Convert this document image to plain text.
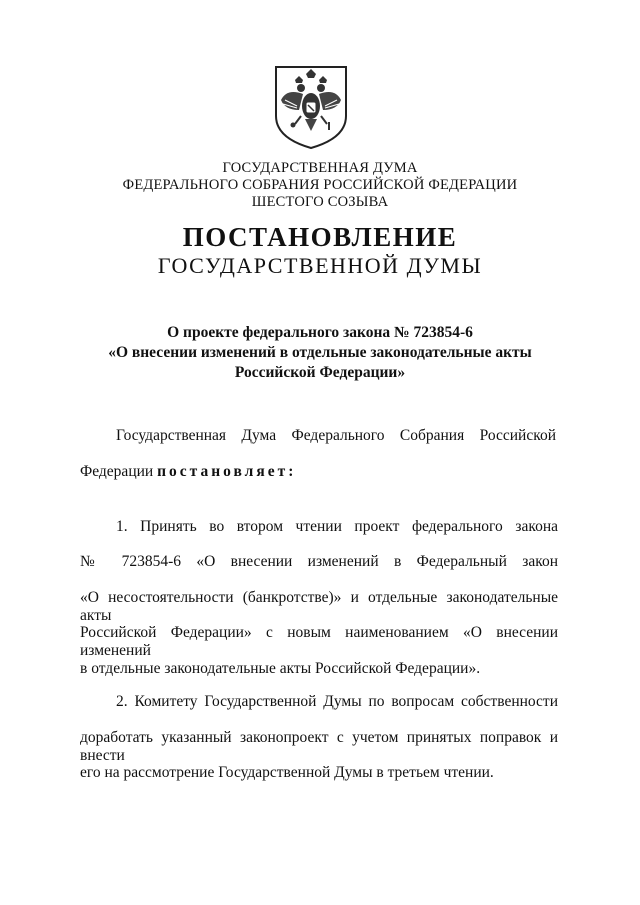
ГОСУДАРСТВЕННАЯ ДУМА
ФЕДЕРАЛЬНОГО СОБРАНИЯ РОССИЙСКОЙ ФЕДЕРАЦИИ
ШЕСТОГО СОЗЫВА
ПОСТАНОВЛЕНИЕ
ГОСУДАРСТВЕННОЙ ДУМЫ
О проекте федерального закона № 723854-6
«О внесении изменений в отдельные законодательные акты
Российской Федерации»
Государственная Дума Федерального Собрания Российской
Федерации постановляет:
1. Принять во втором чтении проект федерального закона
№ 723854-6 «О внесении изменений в Федеральный закон
«О несостоятельности (банкротстве)» и отдельные законодательные акты
Российской Федерации» с новым наименованием «О внесении изменений
в отдельные законодательные акты Российской Федерации».
2. Комитету Государственной Думы по вопросам собственности
доработать указанный законопроект с учетом принятых поправок и внести
его на рассмотрение Государственной Думы в третьем чтении.
